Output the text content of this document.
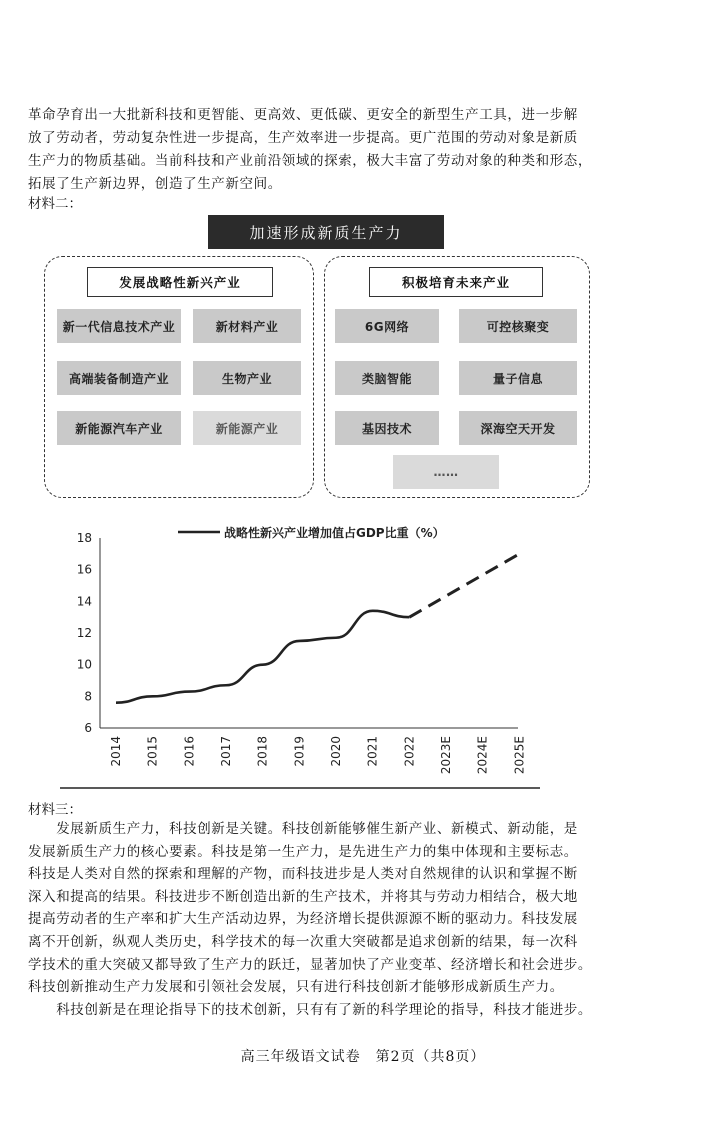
革命孕育出一大批新科技和更智能、更高效、更低碳、更安全的新型生产工具，进一步解
放了劳动者，劳动复杂性进一步提高，生产效率进一步提高。更广范围的劳动对象是新质
生产力的物质基础。当前科技和产业前沿领域的探索，极大丰富了劳动对象的种类和形态，
拓展了生产新边界，创造了生产新空间。

材料二：

加速形成新质生产力
发展战略性新兴产业
新一代信息技术产业	新材料产业
高端装备制造产业	生物产业
新能源汽车产业	新能源产业
积极培育未来产业
6G网络	可控核聚变
类脑智能	量子信息
基因技术	深海空天开发
……
6
8
10
12
14
16
18
2014 2015 2016 2017 2018 2019 2020 2021 2022 2023E 2024E 2025E
战略性新兴产业增加值占GDP比重（%）

材料三：

　　发展新质生产力，科技创新是关键。科技创新能够催生新产业、新模式、新动能，是
发展新质生产力的核心要素。科技是第一生产力，是先进生产力的集中体现和主要标志。
科技是人类对自然的探索和理解的产物，而科技进步是人类对自然规律的认识和掌握不断
深入和提高的结果。科技进步不断创造出新的生产技术，并将其与劳动力相结合，极大地
提高劳动者的生产率和扩大生产活动边界，为经济增长提供源源不断的驱动力。科技发展
离不开创新，纵观人类历史，科学技术的每一次重大突破都是追求创新的结果，每一次科
学技术的重大突破又都导致了生产力的跃迁，显著加快了产业变革、经济增长和社会进步。
科技创新推动生产力发展和引领社会发展，只有进行科技创新才能够形成新质生产力。
　　科技创新是在理论指导下的技术创新，只有有了新的科学理论的指导，科技才能进步。
高三年级语文试卷　第2页（共8页）
